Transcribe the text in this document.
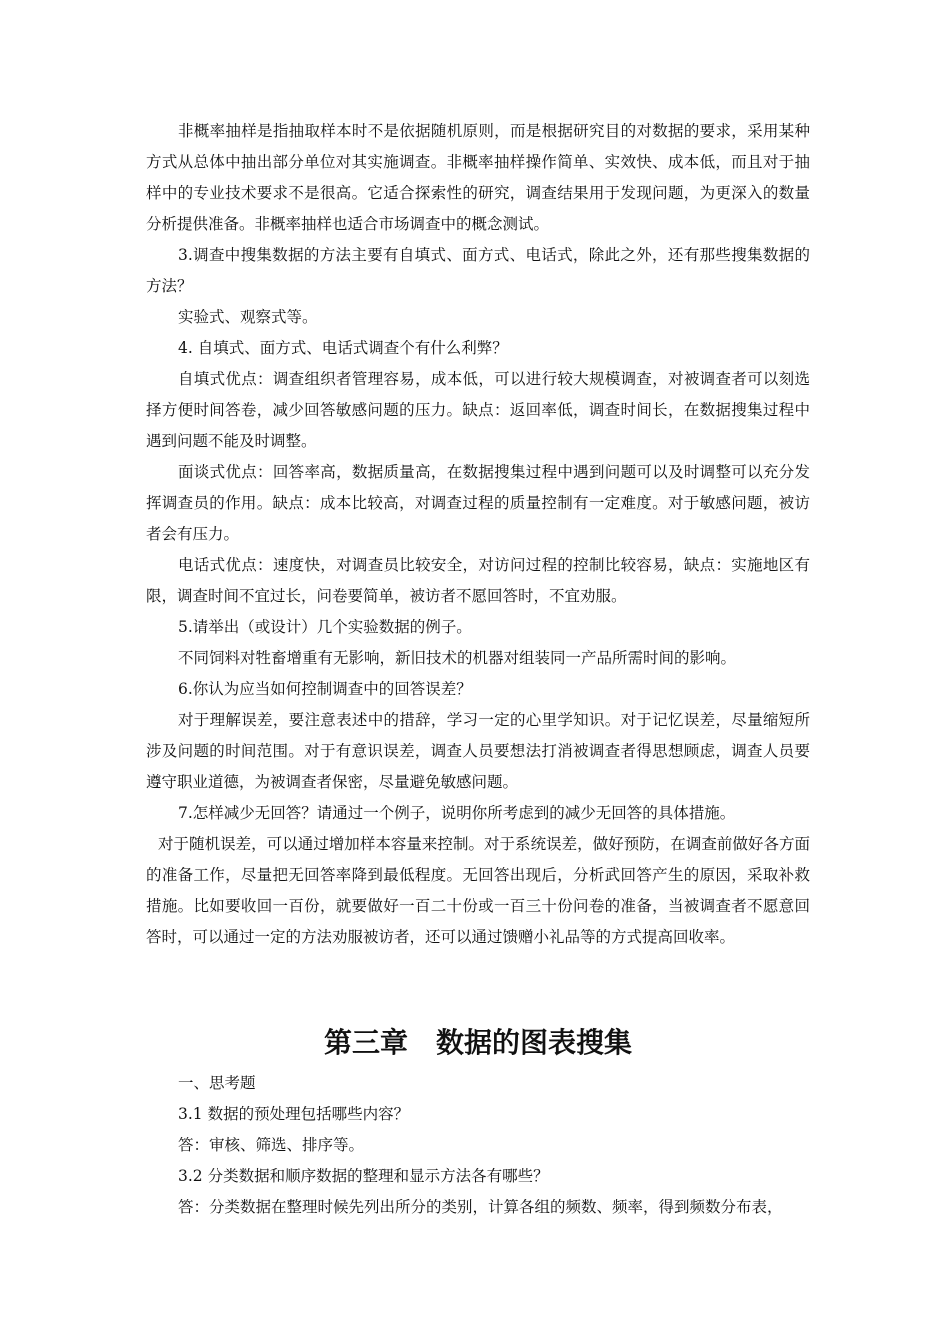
非概率抽样是指抽取样本时不是依据随机原则，而是根据研究目的对数据的要求，采用某种方式从总体中抽出部分单位对其实施调查。非概率抽样操作简单、实效快、成本低，而且对于抽样中的专业技术要求不是很高。它适合探索性的研究，调查结果用于发现问题，为更深入的数量分析提供准备。非概率抽样也适合市场调查中的概念测试。

3.调查中搜集数据的方法主要有自填式、面方式、电话式，除此之外，还有那些搜集数据的方法？

实验式、观察式等。

4. 自填式、面方式、电话式调查个有什么利弊？

自填式优点：调查组织者管理容易，成本低，可以进行较大规模调查，对被调查者可以刻选择方便时间答卷，减少回答敏感问题的压力。缺点：返回率低，调查时间长，在数据搜集过程中遇到问题不能及时调整。

面谈式优点：回答率高，数据质量高，在数据搜集过程中遇到问题可以及时调整可以充分发挥调查员的作用。缺点：成本比较高，对调查过程的质量控制有一定难度。对于敏感问题，被访者会有压力。

电话式优点：速度快，对调查员比较安全，对访问过程的控制比较容易，缺点：实施地区有限，调查时间不宜过长，问卷要简单，被访者不愿回答时，不宜劝服。

5.请举出（或设计）几个实验数据的例子。

不同饲料对牲畜增重有无影响，新旧技术的机器对组装同一产品所需时间的影响。

6.你认为应当如何控制调查中的回答误差？

对于理解误差，要注意表述中的措辞，学习一定的心里学知识。对于记忆误差，尽量缩短所涉及问题的时间范围。对于有意识误差，调查人员要想法打消被调查者得思想顾虑，调查人员要遵守职业道德，为被调查者保密，尽量避免敏感问题。

7.怎样减少无回答？请通过一个例子，说明你所考虑到的减少无回答的具体措施。

对于随机误差，可以通过增加样本容量来控制。对于系统误差，做好预防，在调查前做好各方面的准备工作，尽量把无回答率降到最低程度。无回答出现后，分析武回答产生的原因，采取补救措施。比如要收回一百份，就要做好一百二十份或一百三十份问卷的准备，当被调查者不愿意回答时，可以通过一定的方法劝服被访者，还可以通过馈赠小礼品等的方式提高回收率。

第三章　数据的图表搜集

一、思考题

3.1 数据的预处理包括哪些内容？

答：审核、筛选、排序等。

3.2 分类数据和顺序数据的整理和显示方法各有哪些？

答：分类数据在整理时候先列出所分的类别，计算各组的频数、频率，得到频数分布表，
